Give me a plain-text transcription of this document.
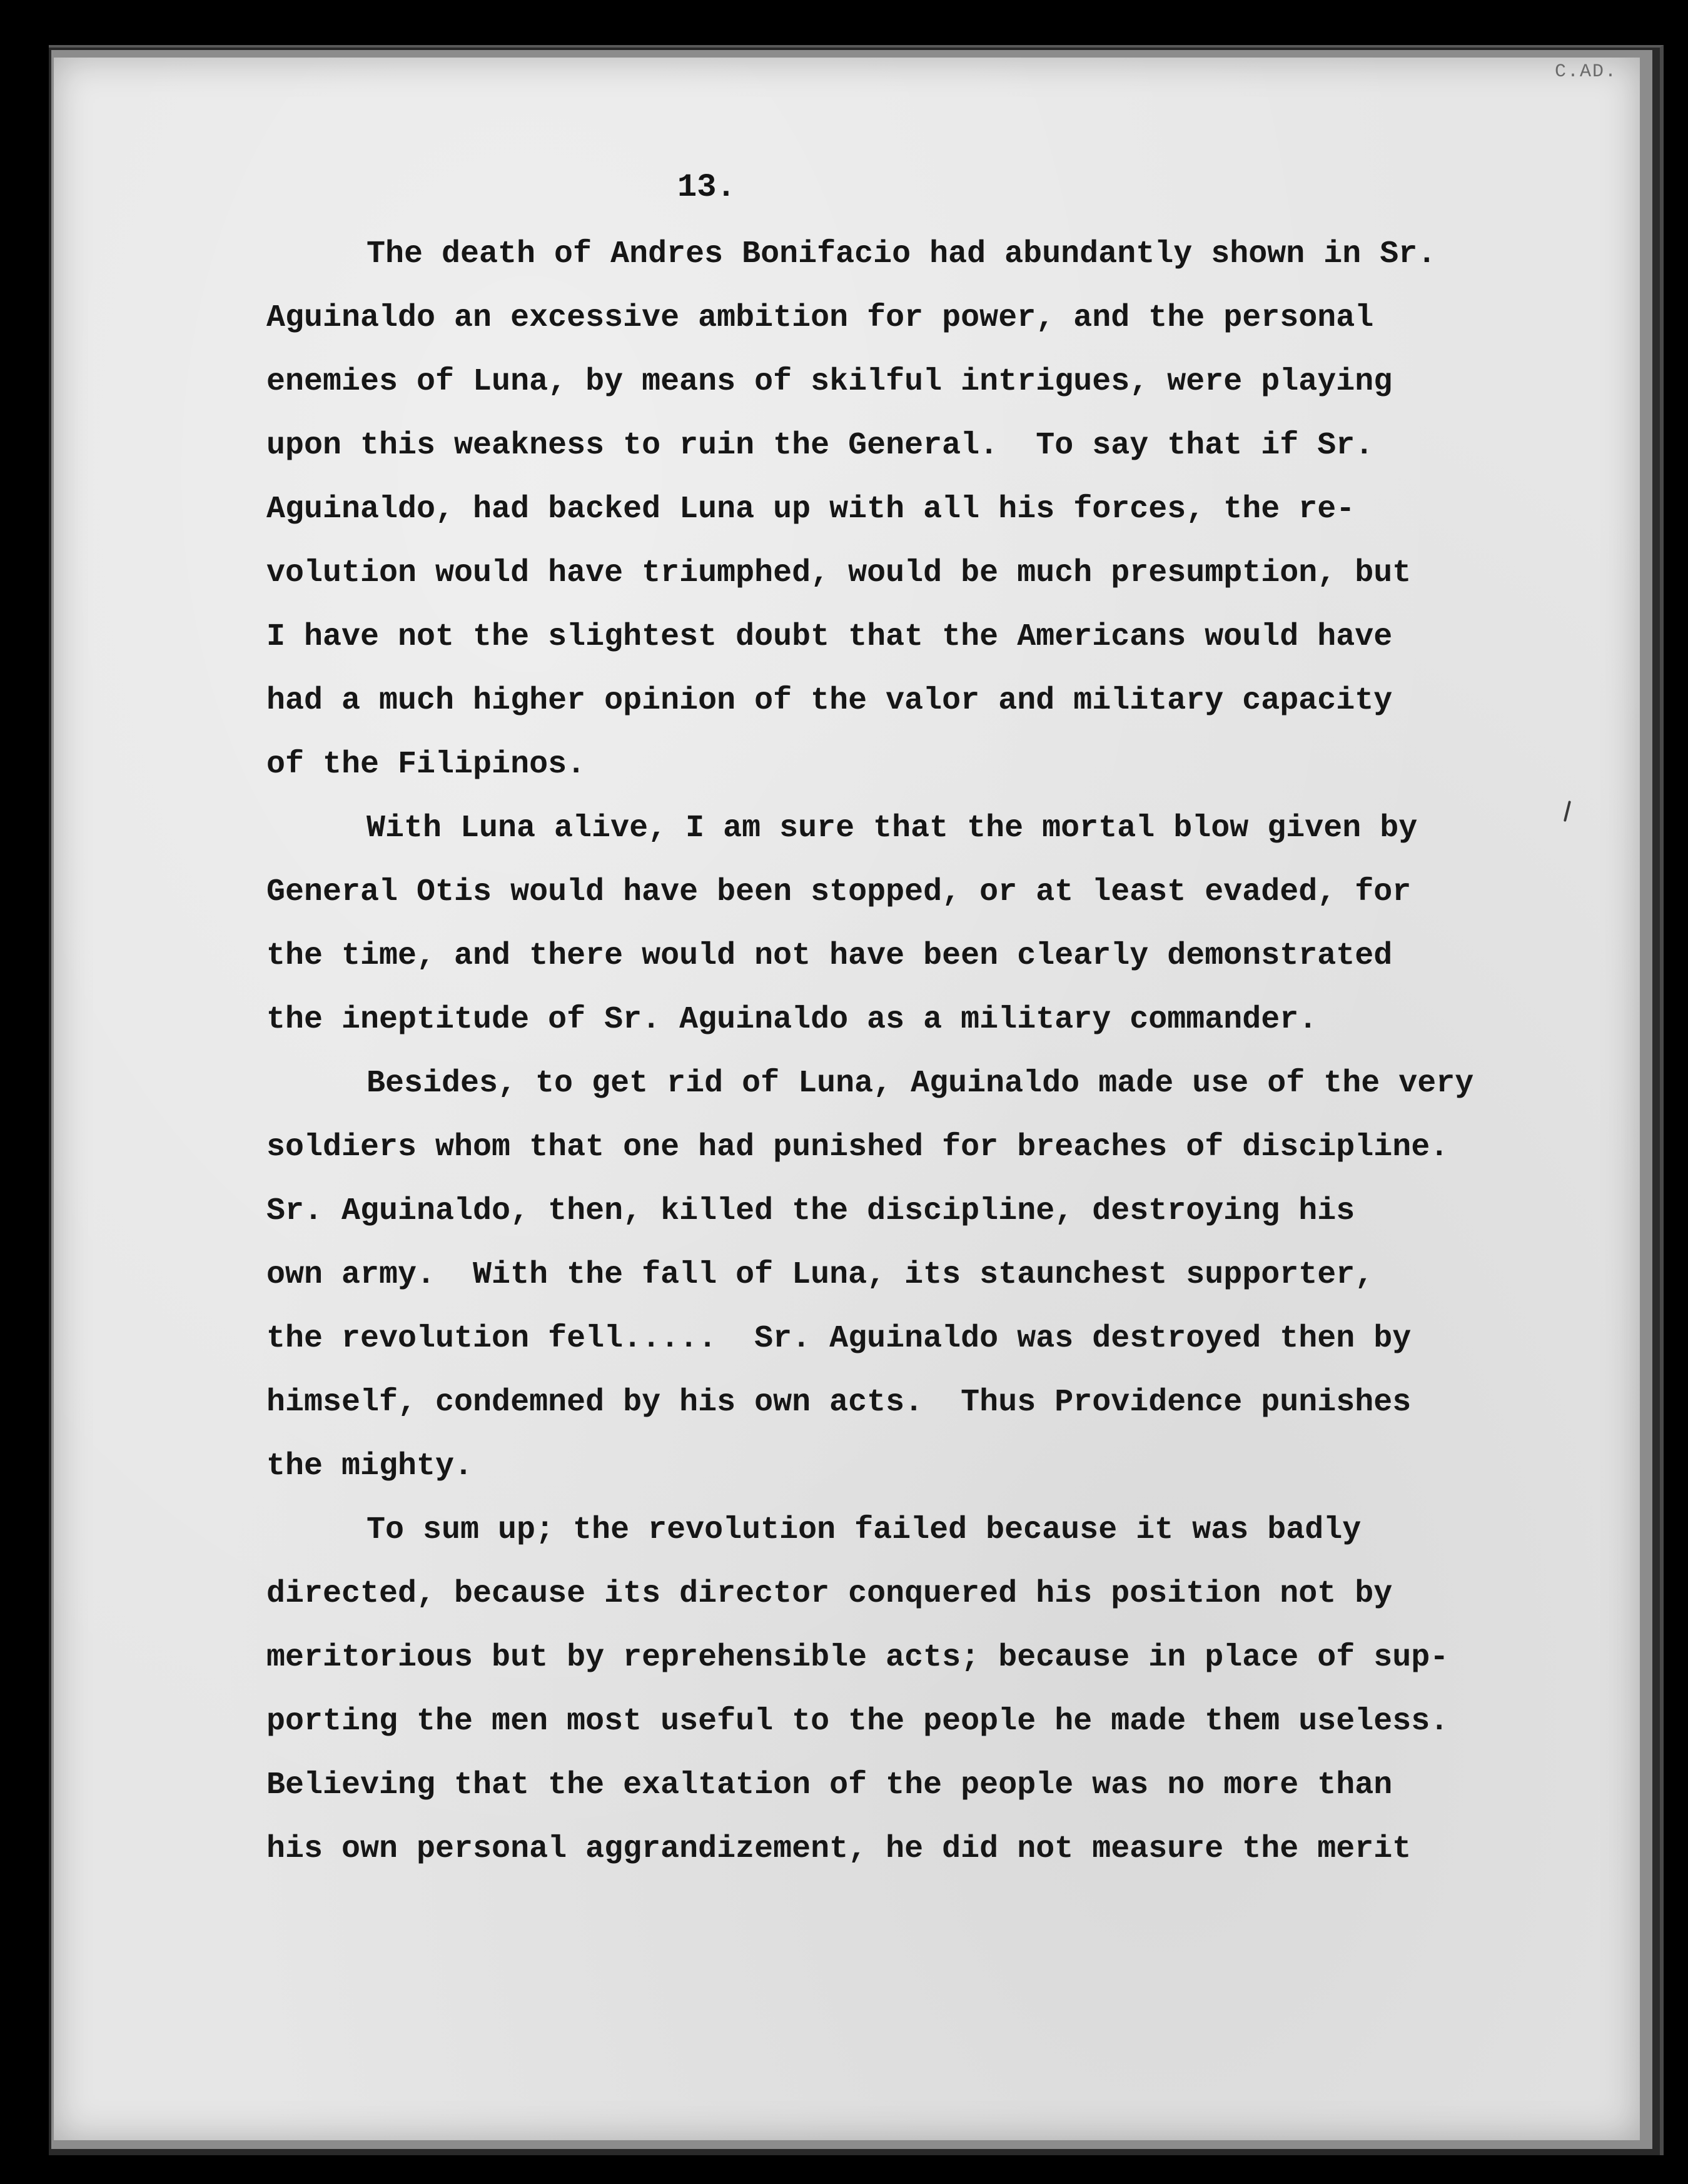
C.AD.
13.
The death of Andres Bonifacio had abundantly shown in Sr.
Aguinaldo an excessive ambition for power, and the personal
enemies of Luna, by means of skilful intrigues, were playing
upon this weakness to ruin the General.  To say that if Sr.
Aguinaldo, had backed Luna up with all his forces, the re-
volution would have triumphed, would be much presumption, but
I have not the slightest doubt that the Americans would have
had a much higher opinion of the valor and military capacity
of the Filipinos.
With Luna alive, I am sure that the mortal blow given by
General Otis would have been stopped, or at least evaded, for
the time, and there would not have been clearly demonstrated
the ineptitude of Sr. Aguinaldo as a military commander.
Besides, to get rid of Luna, Aguinaldo made use of the very
soldiers whom that one had punished for breaches of discipline.
Sr. Aguinaldo, then, killed the discipline, destroying his
own army.  With the fall of Luna, its staunchest supporter,
the revolution fell.....  Sr. Aguinaldo was destroyed then by
himself, condemned by his own acts.  Thus Providence punishes
the mighty.
To sum up; the revolution failed because it was badly
directed, because its director conquered his position not by
meritorious but by reprehensible acts; because in place of sup-
porting the men most useful to the people he made them useless.
Believing that the exaltation of the people was no more than
his own personal aggrandizement, he did not measure the merit
